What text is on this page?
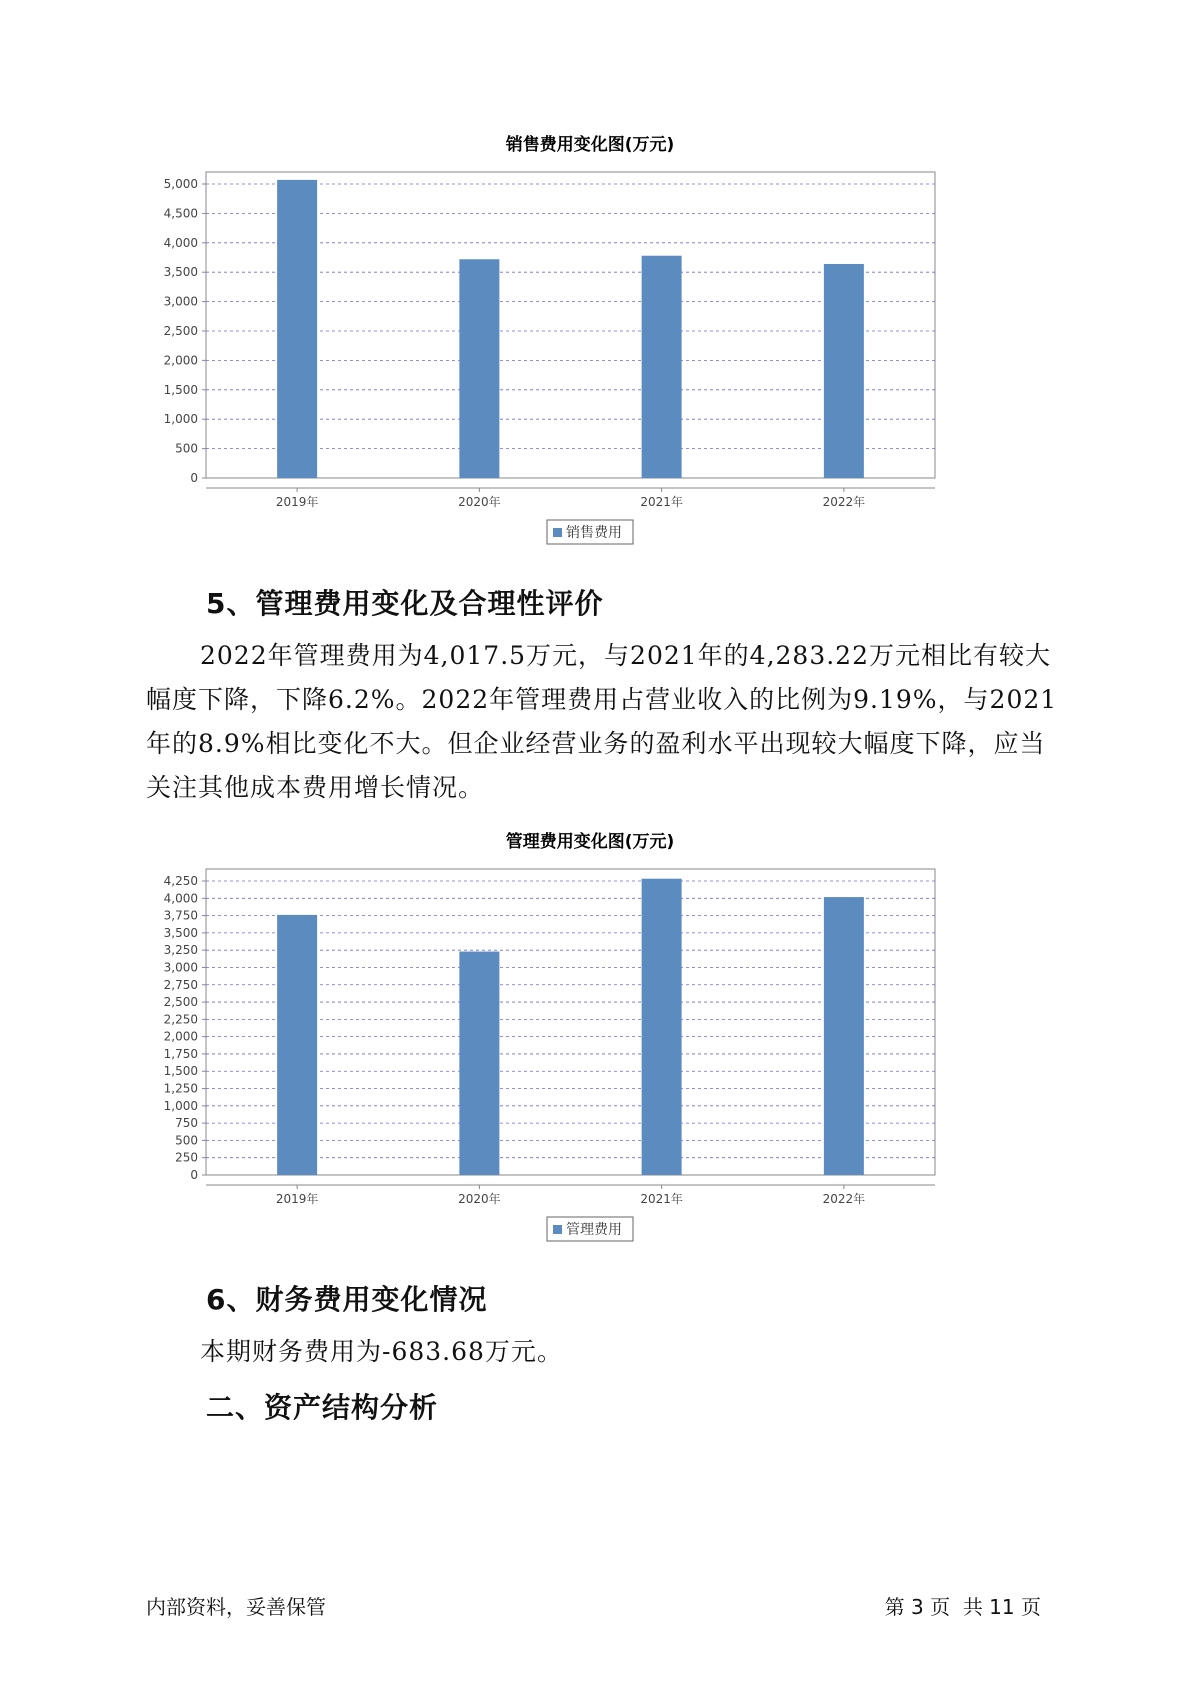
销售费用变化图(万元)
0
500
1,000
1,500
2,000
2,500
3,000
3,500
4,000
4,500
5,000
2019年	2020年	2021年	2022年
销售费用
5、管理费用变化及合理性评价

2022年管理费用为4,017.5万元，与2021年的4,283.22万元相比有较大幅度下降，下降6.2%。2022年管理费用占营业收入的比例为9.19%，与2021年的8.9%相比变化不大。但企业经营业务的盈利水平出现较大幅度下降，应当关注其他成本费用增长情况。

管理费用变化图(万元)
0
250
500
750
1,000
1,250
1,500
1,750
2,000
2,250
2,500
2,750
3,000
3,250
3,500
3,750
4,000
4,250
2019年	2020年	2021年	2022年
管理费用
6、财务费用变化情况

本期财务费用为-683.68万元。

二、资产结构分析
内部资料，妥善保管	第 3 页  共 11 页
